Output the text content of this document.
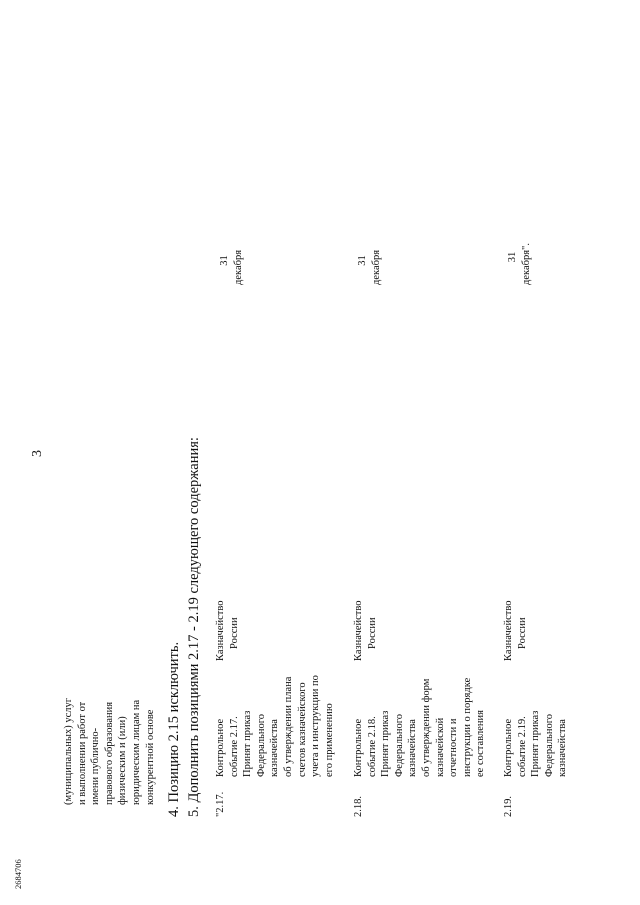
3
(муниципальных) услуг и выполнении работ от имени публично- правового образования физическим и (или) юридическим лицам на конкурентной основе 4. Позицию 2.15 исключить. 5. Дополнить позициями 2.17 - 2.19 следующего содержания: "2.17.
Контрольное событие 2.17. Принят приказ Федерального казначейства об утверждении плана счетов казначейского учета и инструкции по его применению
Казначейство России
31 декабря
2.18.
Контрольное событие 2.18. Принят приказ Федерального казначейства об утверждении форм казначейской отчетности и инструкции о порядке ее составления
Казначейство России
31 декабря
2.19.
Контрольное событие 2.19. Принят приказ Федерального казначейства
Казначейство России
31 декабря".
2684706
